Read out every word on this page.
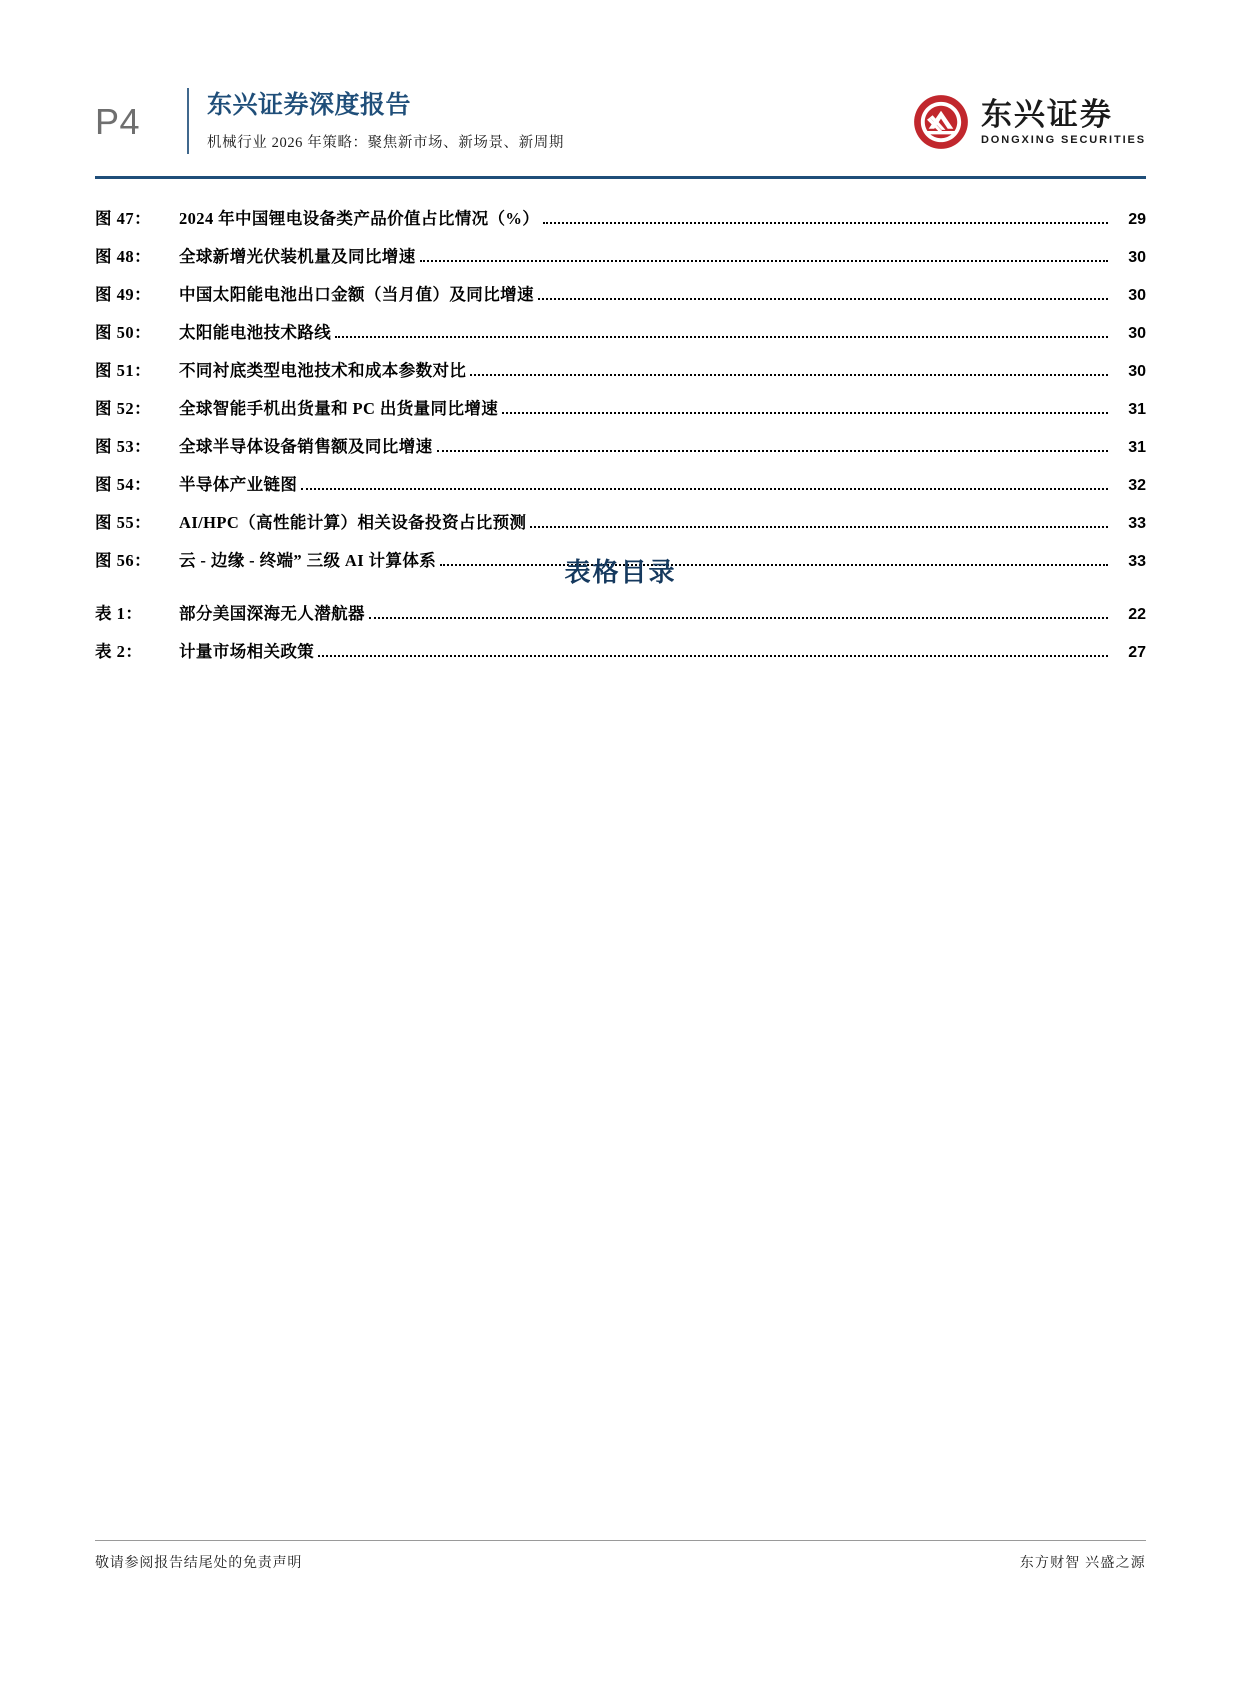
P4	东兴证券深度报告
机械行业 2026 年策略：聚焦新市场、新场景、新周期
东兴证券
DONGXING SECURITIES
图 47：	2024 年中国锂电设备类产品价值占比情况（%）	29
图 48：	全球新增光伏装机量及同比增速	30
图 49：	中国太阳能电池出口金额（当月值）及同比增速	30
图 50：	太阳能电池技术路线	30
图 51：	不同衬底类型电池技术和成本参数对比	30
图 52：	全球智能手机出货量和 PC 出货量同比增速	31
图 53：	全球半导体设备销售额及同比增速	31
图 54：	半导体产业链图	32
图 55：	AI/HPC（高性能计算）相关设备投资占比预测	33
图 56：	云 - 边缘 - 终端” 三级 AI 计算体系	33
表格目录
表 1：	部分美国深海无人潜航器	22
表 2：	计量市场相关政策	27
敬请参阅报告结尾处的免责声明	东方财智 兴盛之源
